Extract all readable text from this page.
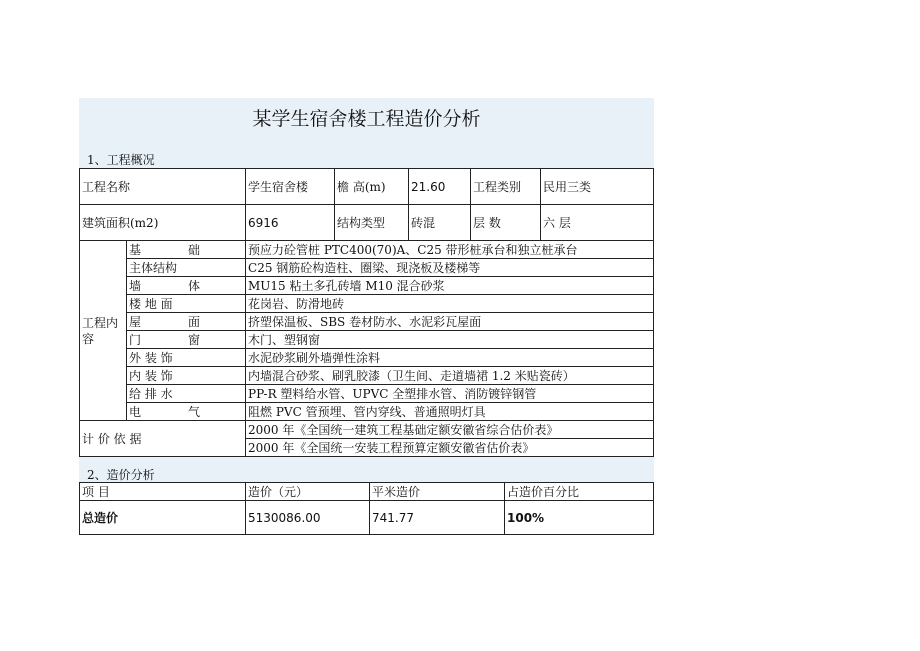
某学生宿舍楼工程造价分析
1、工程概况
工程名称		学生宿舍楼	檐 高(m)	21.60	工程类别	民用三类
建筑面积(m2)		6916	结构类型	砖混	层 数	六 层
工程内容	基 础	预应力砼管桩 PTC400(70)A、C25 带形桩承台和独立桩承台				
	主体结构	C25 钢筋砼构造柱、圈梁、现浇板及楼梯等				
	墙 体	MU15 粘土多孔砖墙 M10 混合砂浆				
	楼 地 面	花岗岩、防滑地砖				
	屋 面	挤塑保温板、SBS 卷材防水、水泥彩瓦屋面				
	门 窗	木门、塑钢窗				
	外 装 饰	水泥砂浆刷外墙弹性涂料				
	内 装 饰	内墙混合砂浆、刷乳胶漆（卫生间、走道墙裙 1.2 米贴瓷砖）				
	给 排 水	PP-R 塑料给水管、UPVC 全塑排水管、消防镀锌钢管				
	电 气	阻燃 PVC 管预埋、管内穿线、普通照明灯具				
计 价 依 据		2000 年《全国统一建筑工程基础定额安徽省综合估价表》				
		2000 年《全国统一安装工程预算定额安徽省估价表》				
2、造价分析
项 目	造价（元）	平米造价	占造价百分比
总造价	5130086.00	741.77	100%
